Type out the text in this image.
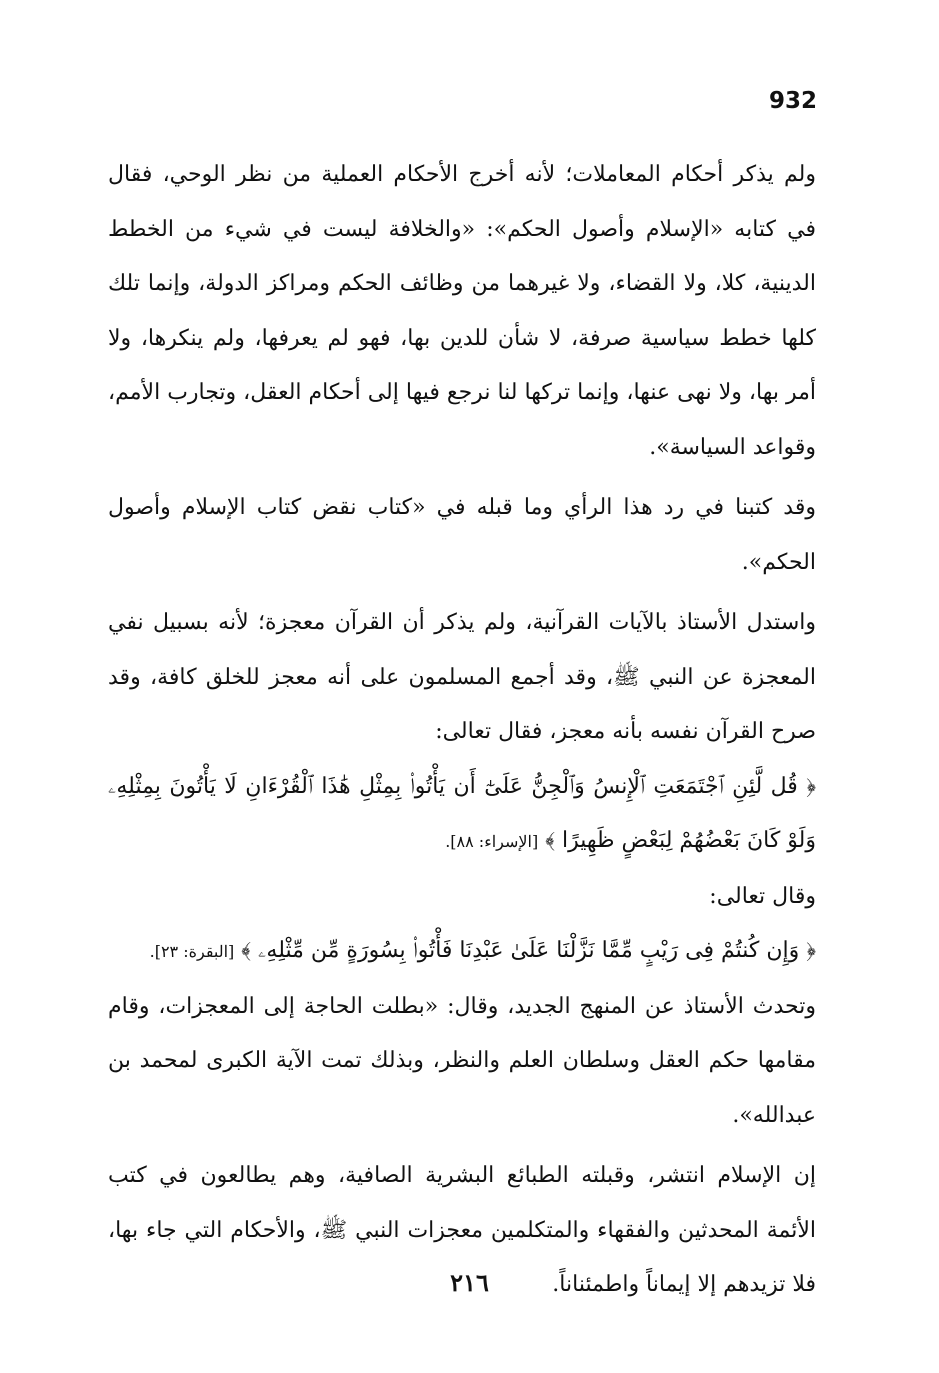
932

ولم يذكر أحكام المعاملات؛ لأنه أخرج الأحكام العملية من نظر الوحي، فقال في كتابه «الإسلام وأصول الحكم»: «والخلافة ليست في شيء من الخطط الدينية، كلا، ولا القضاء، ولا غيرهما من وظائف الحكم ومراكز الدولة، وإنما تلك كلها خطط سياسية صرفة، لا شأن للدين بها، فهو لم يعرفها، ولم ينكرها، ولا أمر بها، ولا نهى عنها، وإنما تركها لنا نرجع فيها إلى أحكام العقل، وتجارب الأمم، وقواعد السياسة».

وقد كتبنا في رد هذا الرأي وما قبله في «كتاب نقض كتاب الإسلام وأصول الحكم».

واستدل الأستاذ بالآيات القرآنية، ولم يذكر أن القرآن معجزة؛ لأنه بسبيل نفي المعجزة عن النبي ﷺ، وقد أجمع المسلمون على أنه معجز للخلق كافة، وقد صرح القرآن نفسه بأنه معجز، فقال تعالى:

﴿ قُل لَّئِنِ ٱجْتَمَعَتِ ٱلْإِنسُ وَٱلْجِنُّ عَلَىٰٓ أَن يَأْتُوا۟ بِمِثْلِ هَٰذَا ٱلْقُرْءَانِ لَا يَأْتُونَ بِمِثْلِهِۦ وَلَوْ كَانَ بَعْضُهُمْ لِبَعْضٍ ظَهِيرًا ﴾ [الإسراء: ٨٨].

وقال تعالى:

﴿ وَإِن كُنتُمْ فِى رَيْبٍ مِّمَّا نَزَّلْنَا عَلَىٰ عَبْدِنَا فَأْتُوا۟ بِسُورَةٍ مِّن مِّثْلِهِۦ ﴾ [البقرة: ٢٣].

وتحدث الأستاذ عن المنهج الجديد، وقال: «بطلت الحاجة إلى المعجزات، وقام مقامها حكم العقل وسلطان العلم والنظر، وبذلك تمت الآية الكبرى لمحمد بن عبدالله».

إن الإسلام انتشر، وقبلته الطبائع البشرية الصافية، وهم يطالعون في كتب الأئمة المحدثين والفقهاء والمتكلمين معجزات النبي ﷺ، والأحكام التي جاء بها، فلا تزيدهم إلا إيماناً واطمئناناً.

٢١٦
